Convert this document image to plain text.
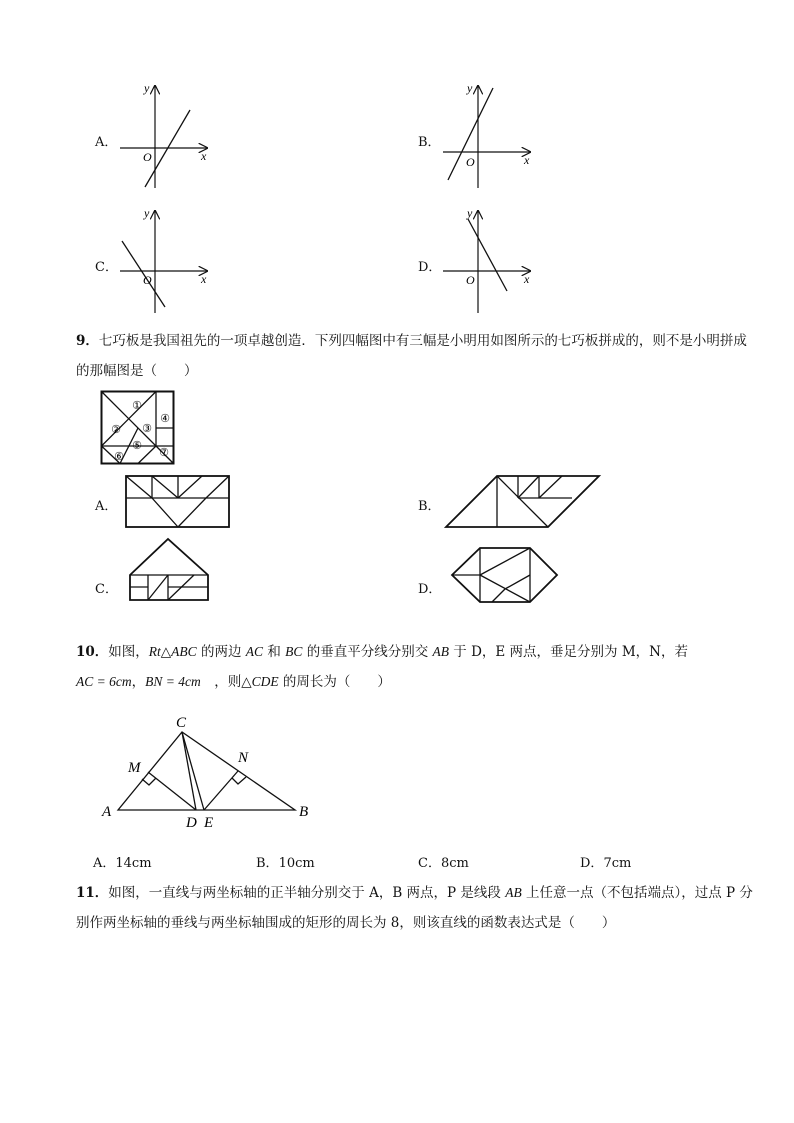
A．
x
y
O
B．
x
y
O
C．
x
y
O
D．
x
y
O
9．七巧板是我国祖先的一项卓越创造．下列四幅图中有三幅是小明用如图所示的七巧板拼成的，则不是小明拼成的那幅图是（　　）
①
② ③
④
⑤
⑥	⑦
A．	B．
C．	D．
10．如图，Rt△ABC 的两边 AC 和 BC 的垂直平分线分别交 AB 于 D，E 两点，垂足分别为 M，N，若
AC = 6cm，BN = 4cm　，则△CDE 的周长为（　　）
A	B
C
D E
M
N
A．14cm	B．10cm	C．8cm	D．7cm
11．如图，一直线与两坐标轴的正半轴分别交于 A，B 两点，P 是线段 AB 上任意一点（不包括端点），过点 P 分别作两坐标轴的垂线与两坐标轴围成的矩形的周长为 8，则该直线的函数表达式是（　　）
